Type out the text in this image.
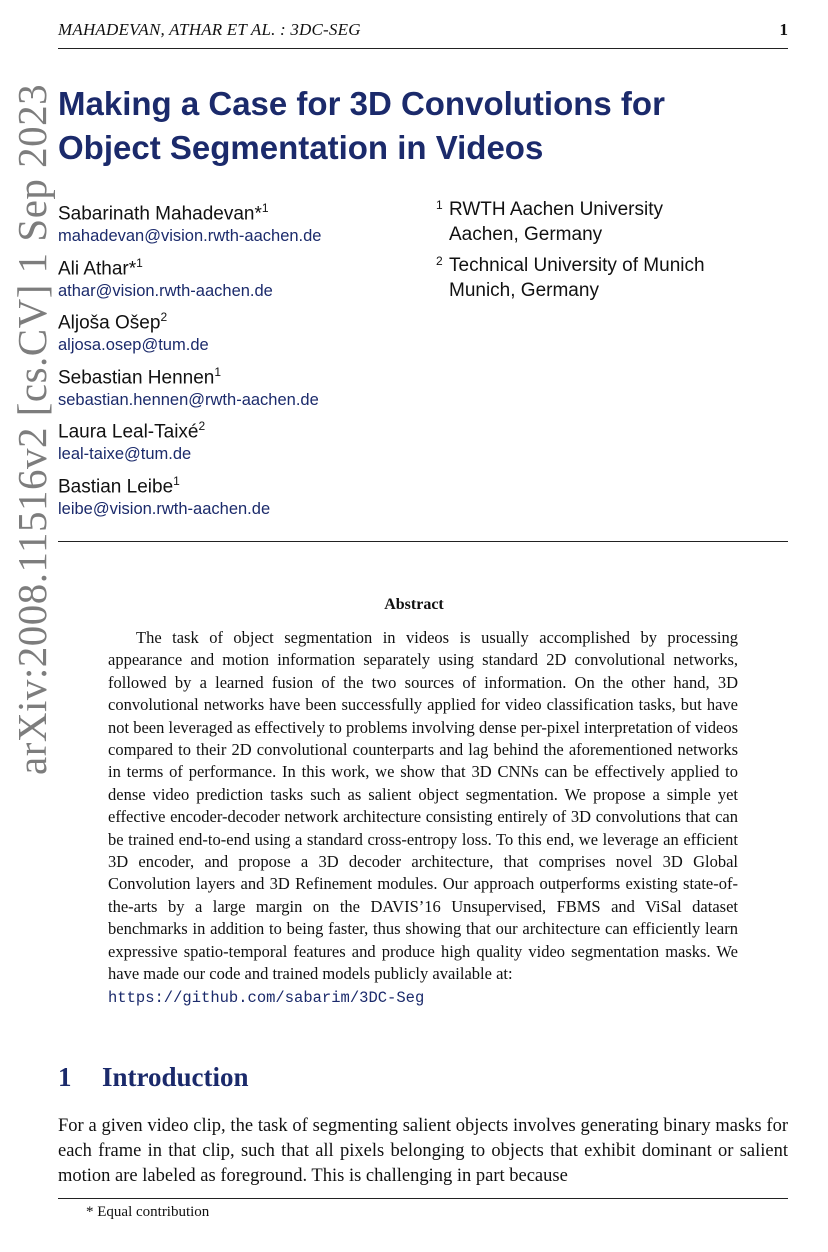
MAHADEVAN, ATHAR ET AL. : 3DC-SEG	1
arXiv:2008.11516v2 [cs.CV] 1 Sep 2023 Making a Case for 3D Convolutions for
Object Segmentation in Videos
Sabarinath Mahadevan*$^1$
mahadevan@vision.rwth-aachen.de
Ali Athar*$^1$
athar@vision.rwth-aachen.de
Aljoša Ošep$^2$
aljosa.osep@tum.de
Sebastian Hennen$^1$
sebastian.hennen@rwth-aachen.de
Laura Leal-Taixé$^2$
leal-taixe@tum.de
Bastian Leibe$^1$
leibe@vision.rwth-aachen.de
1 RWTH Aachen University
Aachen, Germany
2 Technical University of Munich
Munich, Germany
Abstract

The task of object segmentation in videos is usually accomplished by processing appearance and motion information separately using standard 2D convolutional networks, followed by a learned fusion of the two sources of information. On the other hand, 3D convolutional networks have been successfully applied for video classification tasks, but have not been leveraged as effectively to problems involving dense per-pixel interpretation of videos compared to their 2D convolutional counterparts and lag behind the aforementioned networks in terms of performance. In this work, we show that 3D CNNs can be effectively applied to dense video prediction tasks such as salient object segmentation. We propose a simple yet effective encoder-decoder network architecture consisting entirely of 3D convolutions that can be trained end-to-end using a standard cross-entropy loss. To this end, we leverage an efficient 3D encoder, and propose a 3D decoder architecture, that comprises novel 3D Global Convolution layers and 3D Refinement modules. Our approach outperforms existing state-of-the-arts by a large margin on the DAVIS’16 Unsupervised, FBMS and ViSal dataset benchmarks in addition to being faster, thus showing that our architecture can efficiently learn expressive spatio-temporal features and produce high quality video segmentation masks. We have made our code and trained models publicly available at:
https://github.com/sabarim/3DC-Seg

1 Introduction

For a given video clip, the task of segmenting salient objects involves generating binary masks for each frame in that clip, such that all pixels belonging to objects that exhibit dominant or salient motion are labeled as foreground. This is challenging in part because

* Equal contribution
